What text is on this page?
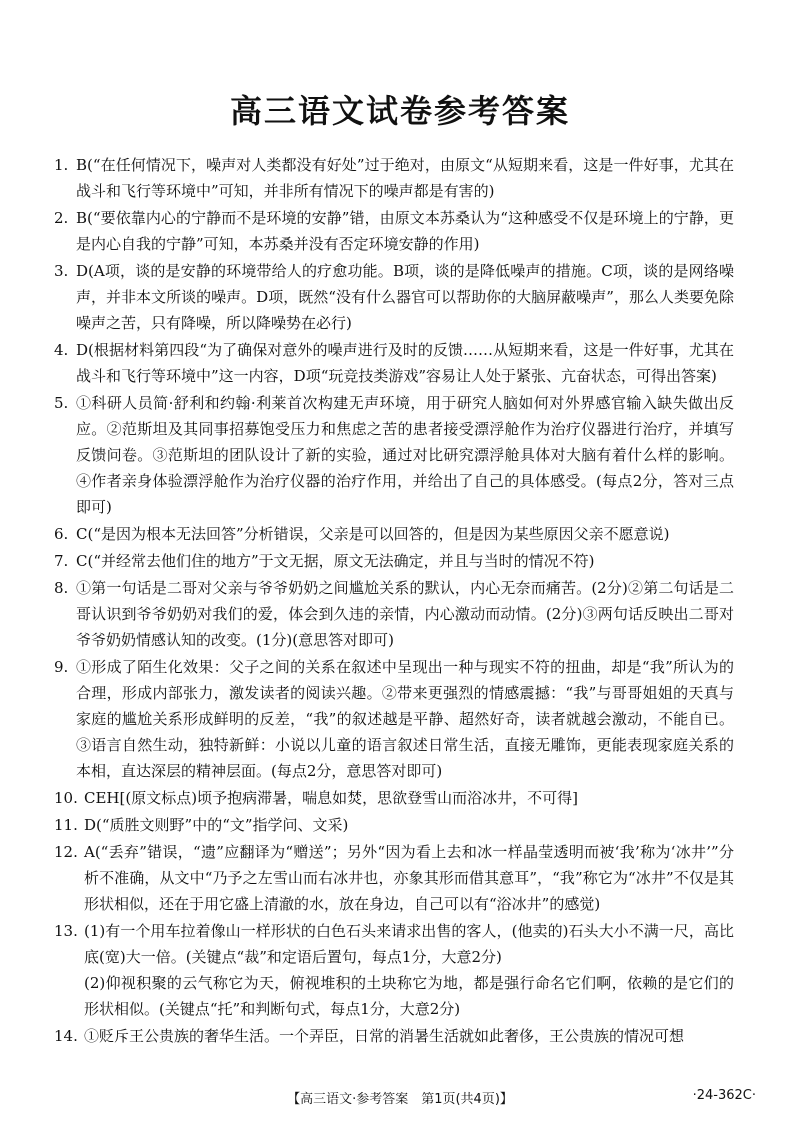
高三语文试卷参考答案
1. B(“在任何情况下，噪声对人类都没有好处”过于绝对，由原文“从短期来看，这是一件好事，尤其在战斗和飞行等环境中”可知，并非所有情况下的噪声都是有害的)

2. B(“要依靠内心的宁静而不是环境的安静”错，由原文本苏桑认为“这种感受不仅是环境上的宁静，更是内心自我的宁静”可知，本苏桑并没有否定环境安静的作用)

3. D(A项，谈的是安静的环境带给人的疗愈功能。B项，谈的是降低噪声的措施。C项，谈的是网络噪声，并非本文所谈的噪声。D项，既然“没有什么器官可以帮助你的大脑屏蔽噪声”，那么人类要免除噪声之苦，只有降噪，所以降噪势在必行)

4. D(根据材料第四段“为了确保对意外的噪声进行及时的反馈……从短期来看，这是一件好事，尤其在战斗和飞行等环境中”这一内容，D项“玩竞技类游戏”容易让人处于紧张、亢奋状态，可得出答案)

5. ①科研人员简·舒利和约翰·利莱首次构建无声环境，用于研究人脑如何对外界感官输入缺失做出反应。②范斯坦及其同事招募饱受压力和焦虑之苦的患者接受漂浮舱作为治疗仪器进行治疗，并填写反馈问卷。③范斯坦的团队设计了新的实验，通过对比研究漂浮舱具体对大脑有着什么样的影响。④作者亲身体验漂浮舱作为治疗仪器的治疗作用，并给出了自己的具体感受。(每点2分，答对三点即可)

6. C(“是因为根本无法回答”分析错误，父亲是可以回答的，但是因为某些原因父亲不愿意说)

7. C(“并经常去他们住的地方”于文无据，原文无法确定，并且与当时的情况不符)

8. ①第一句话是二哥对父亲与爷爷奶奶之间尴尬关系的默认，内心无奈而痛苦。(2分)②第二句话是二哥认识到爷爷奶奶对我们的爱，体会到久违的亲情，内心激动而动情。(2分)③两句话反映出二哥对爷爷奶奶情感认知的改变。(1分)(意思答对即可)

9. ①形成了陌生化效果：父子之间的关系在叙述中呈现出一种与现实不符的扭曲，却是“我”所认为的合理，形成内部张力，激发读者的阅读兴趣。②带来更强烈的情感震撼：“我”与哥哥姐姐的天真与家庭的尴尬关系形成鲜明的反差，“我”的叙述越是平静、超然好奇，读者就越会激动，不能自已。③语言自然生动，独特新鲜：小说以儿童的语言叙述日常生活，直接无雕饰，更能表现家庭关系的本相，直达深层的精神层面。(每点2分，意思答对即可)

10. CEH[(原文标点)顷予抱病滞暑，喘息如焚，思欲登雪山而浴冰井，不可得]

11. D(“质胜文则野”中的“文”指学问、文采)

12. A(“丢弃”错误，“遗”应翻译为“赠送”；另外“因为看上去和冰一样晶莹透明而被‘我’称为‘冰井’”分析不准确，从文中“乃予之左雪山而右冰井也，亦象其形而借其意耳”，“我”称它为“冰井”不仅是其形状相似，还在于用它盛上清澈的水，放在身边，自己可以有“浴冰井”的感觉)

13. (1)有一个用车拉着像山一样形状的白色石头来请求出售的客人，(他卖的)石头大小不满一尺，高比底(宽)大一倍。(关键点“裁”和定语后置句，每点1分，大意2分)

(2)仰视积聚的云气称它为天，俯视堆积的土块称它为地，都是强行命名它们啊，依赖的是它们的形状相似。(关键点“托”和判断句式，每点1分，大意2分)

14. ①贬斥王公贵族的奢华生活。一个弄臣，日常的消暑生活就如此奢侈，王公贵族的情况可想

【高三语文·参考答案　第1页(共4页)】	·24-362C·
